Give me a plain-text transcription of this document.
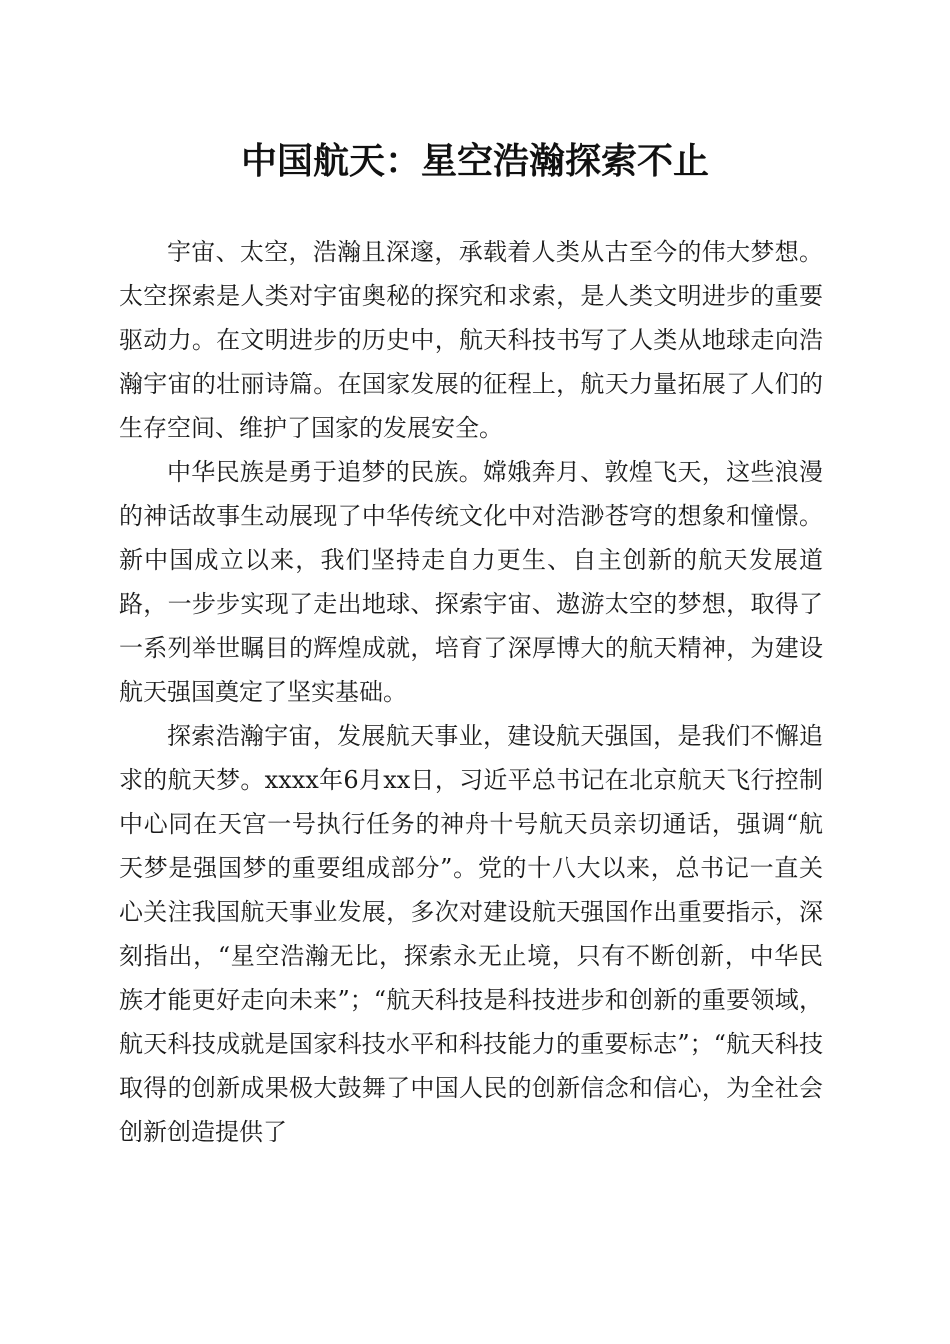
中国航天：星空浩瀚探索不止

宇宙、太空，浩瀚且深邃，承载着人类从古至今的伟大梦想。太空探索是人类对宇宙奥秘的探究和求索，是人类文明进步的重要驱动力。在文明进步的历史中，航天科技书写了人类从地球走向浩瀚宇宙的壮丽诗篇。在国家发展的征程上，航天力量拓展了人们的生存空间、维护了国家的发展安全。

中华民族是勇于追梦的民族。嫦娥奔月、敦煌飞天，这些浪漫的神话故事生动展现了中华传统文化中对浩渺苍穹的想象和憧憬。新中国成立以来，我们坚持走自力更生、自主创新的航天发展道路，一步步实现了走出地球、探索宇宙、遨游太空的梦想，取得了一系列举世瞩目的辉煌成就，培育了深厚博大的航天精神，为建设航天强国奠定了坚实基础。

探索浩瀚宇宙，发展航天事业，建设航天强国，是我们不懈追求的航天梦。xxxx年6月xx日，习近平总书记在北京航天飞行控制中心同在天宫一号执行任务的神舟十号航天员亲切通话，强调“航天梦是强国梦的重要组成部分”。党的十八大以来，总书记一直关心关注我国航天事业发展，多次对建设航天强国作出重要指示，深刻指出，“星空浩瀚无比，探索永无止境，只有不断创新，中华民族才能更好走向未来”；“航天科技是科技进步和创新的重要领域，航天科技成就是国家科技水平和科技能力的重要标志”；“航天科技取得的创新成果极大鼓舞了中国人民的创新信念和信心，为全社会创新创造提供了
